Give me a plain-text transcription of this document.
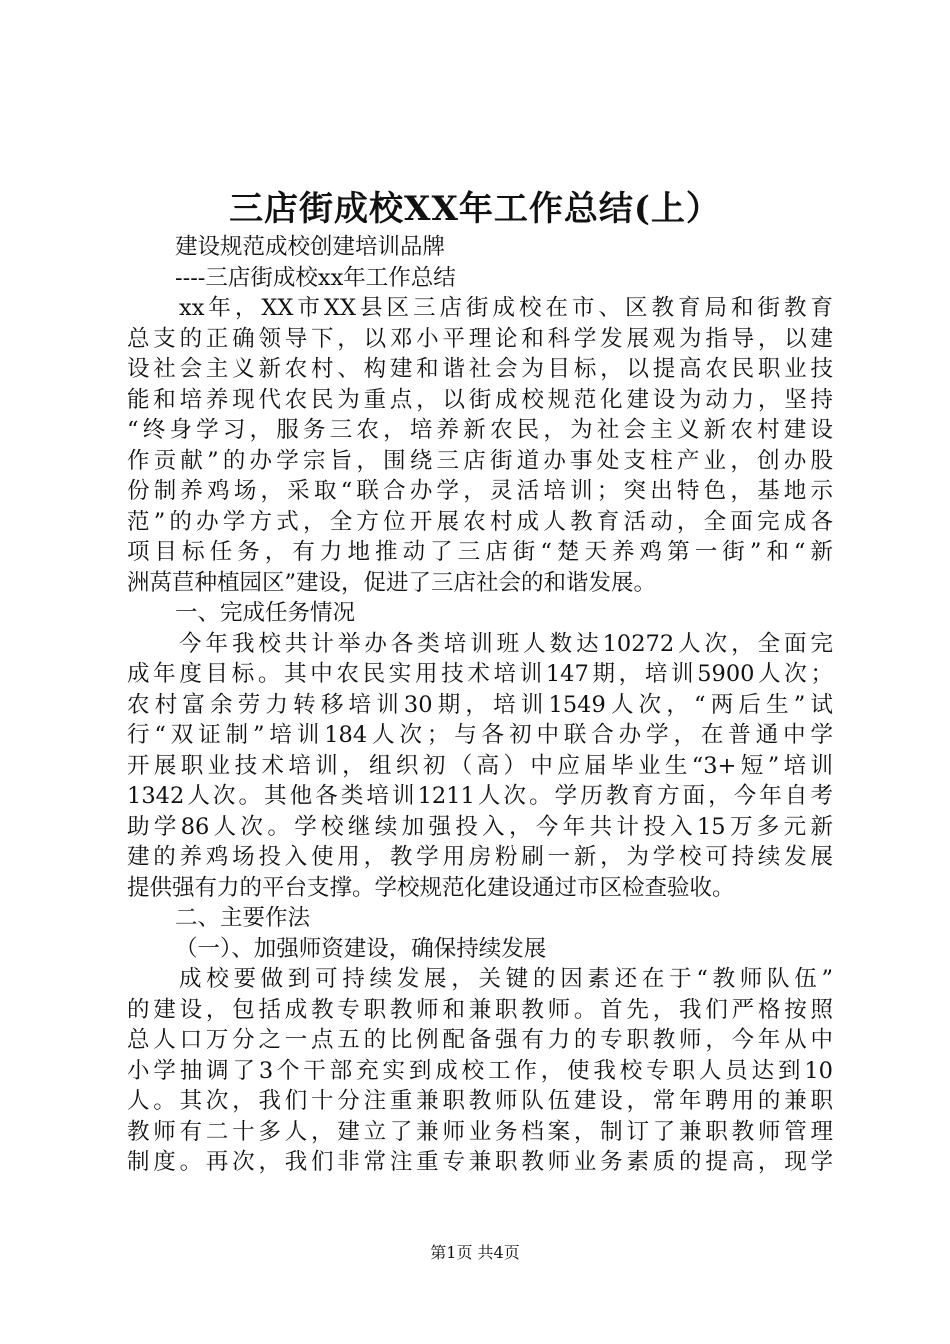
三店街成校XX年工作总结(上）
建设规范成校创建培训品牌
----三店街成校xx年工作总结
xx年，XX市XX县区三店街成校在市、区教育局和街教育
总支的正确领导下，以邓小平理论和科学发展观为指导，以建
设社会主义新农村、构建和谐社会为目标，以提高农民职业技
能和培养现代农民为重点，以街成校规范化建设为动力，坚持
“终身学习，服务三农，培养新农民，为社会主义新农村建设
作贡献”的办学宗旨，围绕三店街道办事处支柱产业，创办股
份制养鸡场，采取“联合办学，灵活培训；突出特色，基地示
范”的办学方式，全方位开展农村成人教育活动，全面完成各
项目标任务，有力地推动了三店街“楚天养鸡第一街”和“新
洲莴苣种植园区”建设，促进了三店社会的和谐发展。
一、完成任务情况
今年我校共计举办各类培训班人数达10272人次，全面完
成年度目标。其中农民实用技术培训147期，培训5900人次；
农村富余劳力转移培训30期，培训1549人次，“两后生”试
行“双证制”培训184人次；与各初中联合办学，在普通中学
开展职业技术培训，组织初（高）中应届毕业生“3+短”培训
1342人次。其他各类培训1211人次。学历教育方面，今年自考
助学86人次。学校继续加强投入，今年共计投入15万多元新
建的养鸡场投入使用，教学用房粉刷一新，为学校可持续发展
提供强有力的平台支撑。学校规范化建设通过市区检查验收。
二、主要作法
（一）、加强师资建设，确保持续发展
成校要做到可持续发展，关键的因素还在于“教师队伍”
的建设，包括成教专职教师和兼职教师。首先，我们严格按照
总人口万分之一点五的比例配备强有力的专职教师，今年从中
小学抽调了3个干部充实到成校工作，使我校专职人员达到10
人。其次，我们十分注重兼职教师队伍建设，常年聘用的兼职
教师有二十多人，建立了兼师业务档案，制订了兼职教师管理
制度。再次，我们非常注重专兼职教师业务素质的提高，现学
第1页 共4页
